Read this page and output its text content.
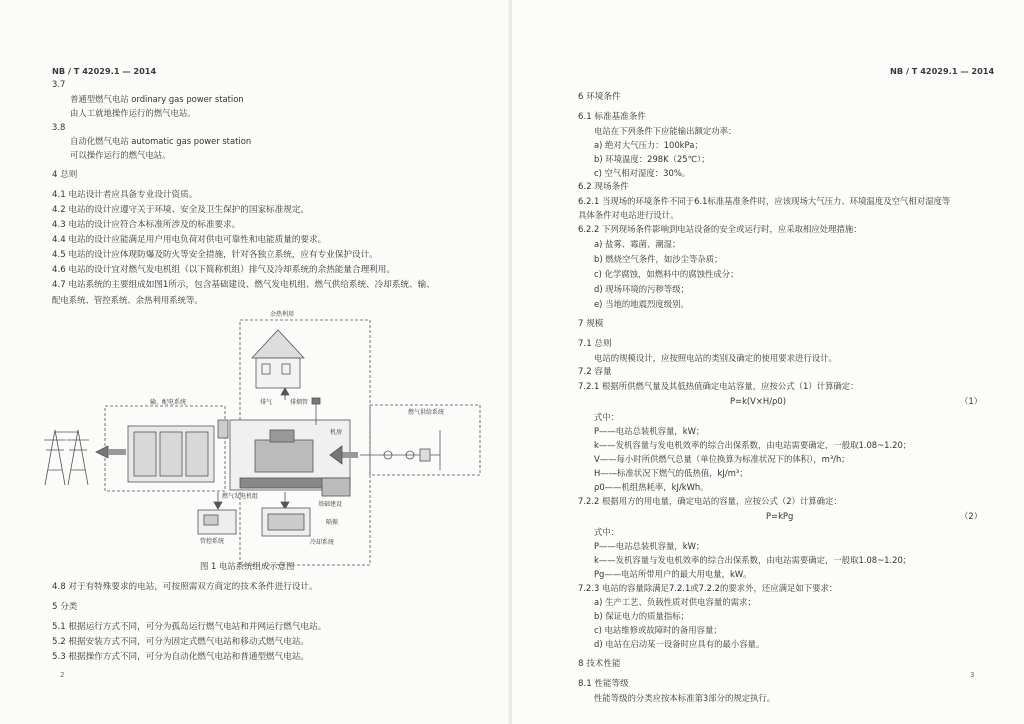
NB / T 42029.1 — 2014
3.7
普通型燃气电站 ordinary gas power station
由人工就地操作运行的燃气电站。
3.8
自动化燃气电站 automatic gas power station
可以操作运行的燃气电站。
4 总则
4.1 电站设计者应具备专业设计资质。
4.2 电站的设计应遵守关于环境、安全及卫生保护的国家标准规定。
4.3 电站的设计应符合本标准所涉及的标准要求。
4.4 电站的设计应能满足用户用电负荷对供电可靠性和电能质量的要求。
4.5 电站的设计应体现防爆及防火等安全措施，针对各独立系统，应有专业保护设计。
4.6 电站的设计宜对燃气发电机组（以下简称机组）排气及冷却系统的余热能量合理利用。
4.7 电站系统的主要组成如图1所示，包含基础建设、燃气发电机组、燃气供给系统、冷却系统、输、
配电系统、管控系统、余热利用系统等。
图 1 电站系统组成示意图
4.8 对于有特殊要求的电站，可按照需双方商定的技术条件进行设计。
5 分类
5.1 根据运行方式不同，可分为孤岛运行燃气电站和并网运行燃气电站。
5.2 根据安装方式不同，可分为固定式燃气电站和移动式燃气电站。
5.3 根据操作方式不同，可分为自动化燃气电站和普通型燃气电站。
余热利用
输、配电系统	排气	排烟管
燃气供给系统
机房
燃气发电机组
基础建设
隔振
冷却系统
管控系统
2
NB / T 42029.1 — 2014
6 环境条件
6.1 标准基准条件
电站在下列条件下应能输出额定功率：
a) 绝对大气压力：100kPa；
b) 环境温度：298K（25℃）；
c) 空气相对湿度：30%。
6.2 现场条件
6.2.1 当现场的环境条件不同于6.1标准基准条件时，应该现场大气压力、环境温度及空气相对湿度等
具体条件对电站进行设计。
6.2.2 下列现场条件影响到电站设备的安全或运行时，应采取相应处理措施：
a) 盐雾、霉菌、潮湿；
b) 燃烧空气条件，如沙尘等杂质；
c) 化学腐蚀，如燃料中的腐蚀性成分；
d) 现场环境的污秽等级；
e) 当地的地震烈度级别。
7 规模
7.1 总则
电站的规模设计，应按照电站的类别及确定的使用要求进行设计。
7.2 容量
7.2.1 根据所供燃气量及其低热值确定电站容量，应按公式（1）计算确定：
P=k(V×H/ρ0)	（1）
式中：
P——电站总装机容量，kW；
k——发机容量与发电机效率的综合出保系数，由电站需要确定，一般取1.08~1.20；
V——每小时所供燃气总量（单位换算为标准状况下的体积），m³/h；
H——标准状况下燃气的低热值，kJ/m³；
ρ0——机组热耗率，kJ/kWh。
7.2.2 根据用方的用电量，确定电站的容量，应按公式（2）计算确定：
P=kPg	（2）
式中：
P——电站总装机容量，kW；
k——发机容量与发电机效率的综合出保系数，由电站需要确定，一般取1.08~1.20；
Pg——电站所带用户的最大用电量，kW。
7.2.3 电站的容量除满足7.2.1或7.2.2的要求外，还应满足如下要求：
a) 生产工艺、负载性质对供电容量的需求；
b) 保证电力的质量指标；
c) 电站维修或故障时的备用容量；
d) 电站在启动某一设备时应具有的最小容量。
8 技术性能
8.1 性能等级
性能等级的分类应按本标准第3部分的规定执行。
3
